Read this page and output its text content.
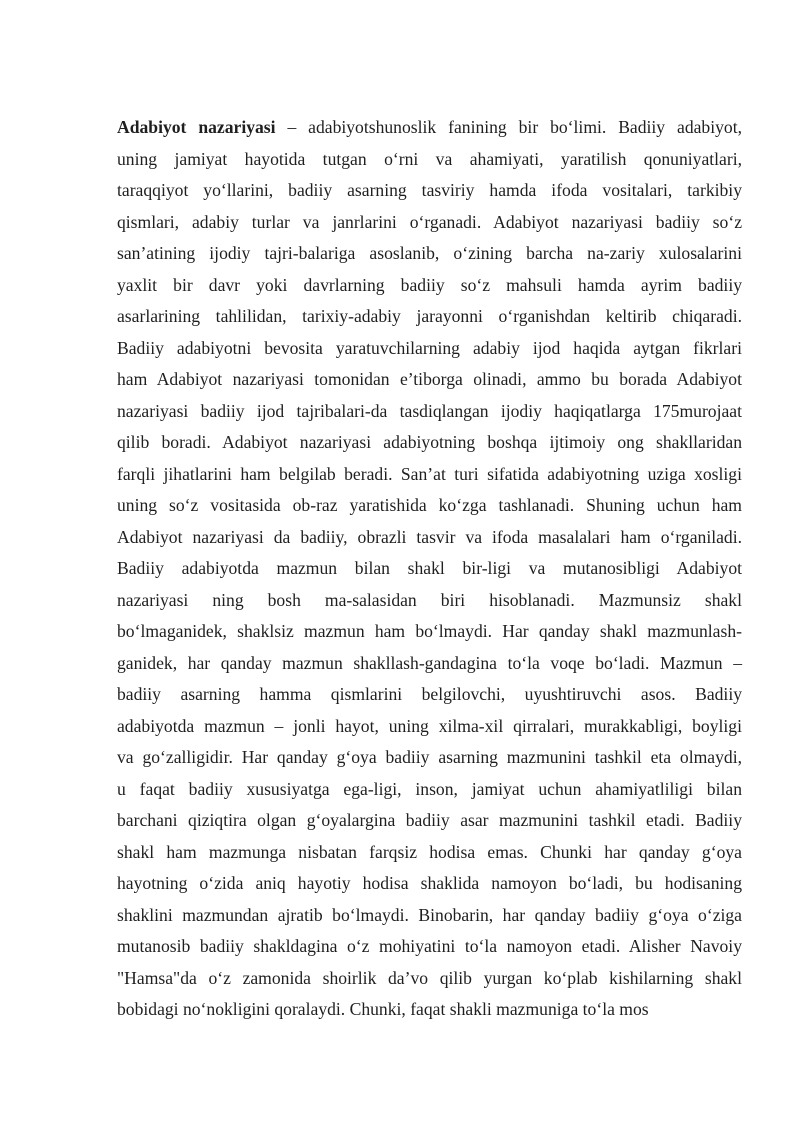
Adabiyot nazariyasi – adabiyotshunoslik fanining bir bo‘limi. Badiiy adabiyot,
uning jamiyat hayotida tutgan o‘rni va ahamiyati, yaratilish qonuniyatlari,
taraqqiyot yo‘llarini, badiiy asarning tasviriy hamda ifoda vositalari, tarkibiy
qismlari, adabiy turlar va janrlarini o‘rganadi. Adabiyot nazariyasi badiiy so‘z
san’atining ijodiy tajri-balariga asoslanib, o‘zining barcha na-zariy xulosalarini
yaxlit bir davr yoki davrlarning badiiy so‘z mahsuli hamda ayrim badiiy
asarlarining tahlilidan, tarixiy-adabiy jarayonni o‘rganishdan keltirib chiqaradi.
Badiiy adabiyotni bevosita yaratuvchilarning adabiy ijod haqida aytgan fikrlari
ham Adabiyot nazariyasi tomonidan e’tiborga olinadi, ammo bu borada Adabiyot
nazariyasi badiiy ijod tajribalari-da tasdiqlangan ijodiy haqiqatlarga 175murojaat
qilib boradi. Adabiyot nazariyasi adabiyotning boshqa ijtimoiy ong shakllaridan
farqli jihatlarini ham belgilab beradi. San’at turi sifatida adabiyotning uziga xosligi
uning so‘z vositasida ob-raz yaratishida ko‘zga tashlanadi. Shuning uchun ham
Adabiyot nazariyasi da badiiy, obrazli tasvir va ifoda masalalari ham o‘rganiladi.
Badiiy adabiyotda mazmun bilan shakl bir-ligi va mutanosibligi Adabiyot
nazariyasi ning bosh ma-salasidan biri hisoblanadi. Mazmunsiz shakl
bo‘lmaganidek, shaklsiz mazmun ham bo‘lmaydi. Har qanday shakl mazmunlash-
ganidek, har qanday mazmun shakllash-gandagina to‘la voqe bo‘ladi. Mazmun –
badiiy asarning hamma qismlarini belgilovchi, uyushtiruvchi asos. Badiiy
adabiyotda mazmun – jonli hayot, uning xilma-xil qirralari, murakkabligi, boyligi
va go‘zalligidir. Har qanday g‘oya badiiy asarning mazmunini tashkil eta olmaydi,
u faqat badiiy xususiyatga ega-ligi, inson, jamiyat uchun ahamiyatliligi bilan
barchani qiziqtira olgan g‘oyalargina badiiy asar mazmunini tashkil etadi. Badiiy
shakl ham mazmunga nisbatan farqsiz hodisa emas. Chunki har qanday g‘oya
hayotning o‘zida aniq hayotiy hodisa shaklida namoyon bo‘ladi, bu hodisaning
shaklini mazmundan ajratib bo‘lmaydi. Binobarin, har qanday badiiy g‘oya o‘ziga
mutanosib badiiy shakldagina o‘z mohiyatini to‘la namoyon etadi. Alisher Navoiy
"Hamsa"da o‘z zamonida shoirlik da’vo qilib yurgan ko‘plab kishilarning shakl
bobidagi no‘nokligini qoralaydi. Chunki, faqat shakli mazmuniga to‘la mos
